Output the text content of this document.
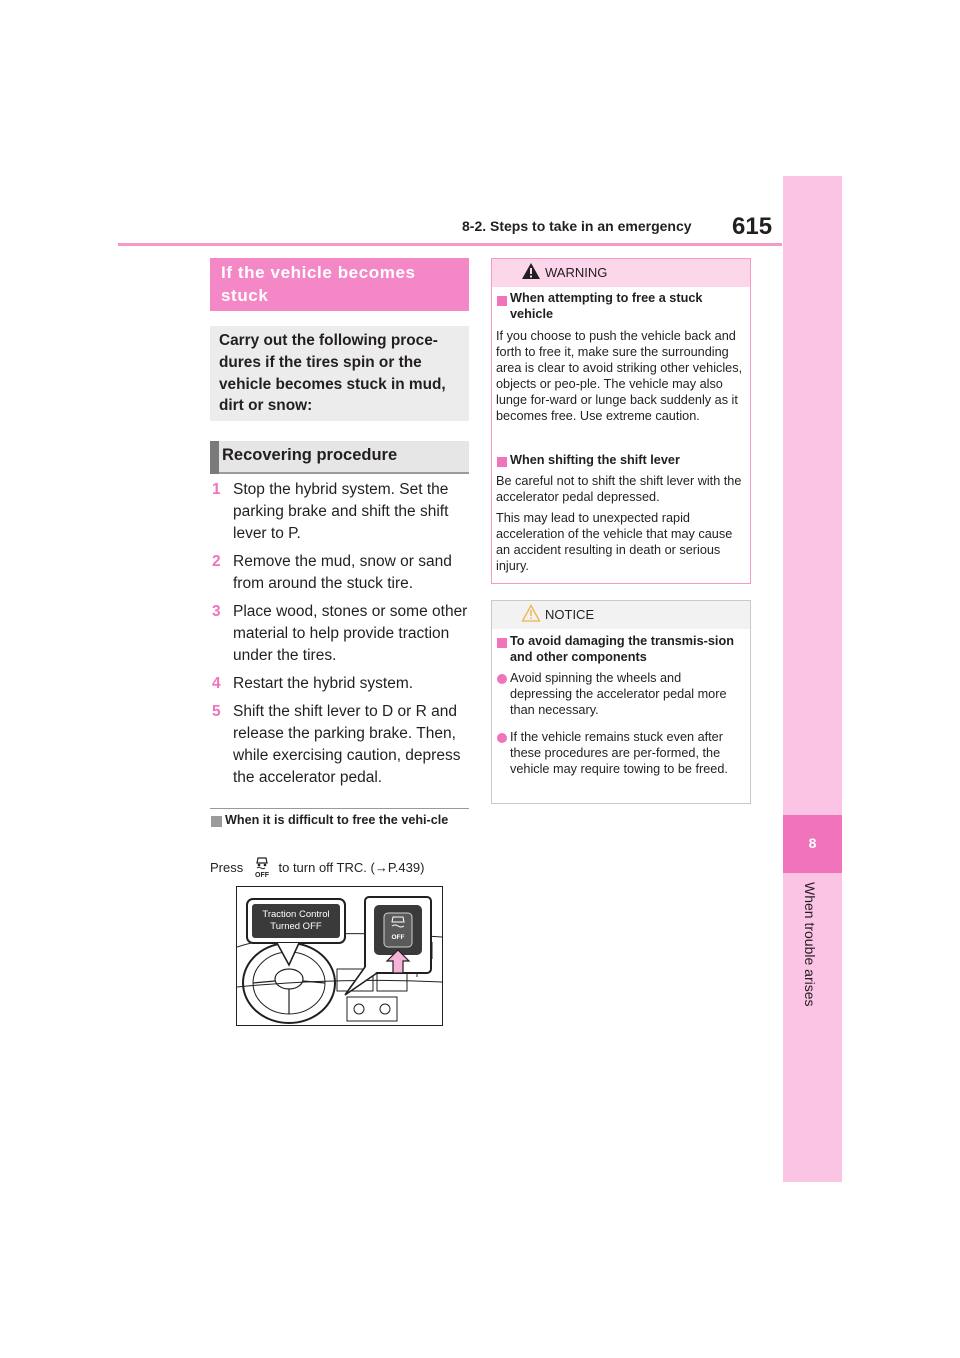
8-2. Steps to take in an emergency 615
8
When trouble arises
If the vehicle becomes stuck
Carry out the following proce-dures if the tires spin or the vehicle becomes stuck in mud, dirt or snow:
Recovering procedure
1 Stop the hybrid system. Set the parking brake and shift the shift lever to P.
2 Remove the mud, snow or sand from around the stuck tire.
3 Place wood, stones or some other material to help provide traction under the tires.
4 Restart the hybrid system.
5 Shift the shift lever to D or R and release the parking brake. Then, while exercising caution, depress the accelerator pedal.
When it is difficult to free the vehi-cle
Press
OFF
to turn off TRC. (→P.439)
Traction Control
Turned OFF
OFF
WARNING
When attempting to free a stuck vehicle
If you choose to push the vehicle back and forth to free it, make sure the surrounding area is clear to avoid striking other vehicles, objects or peo-ple. The vehicle may also lunge for-ward or lunge back suddenly as it becomes free. Use extreme caution.
When shifting the shift lever
Be careful not to shift the shift lever with the accelerator pedal depressed.
This may lead to unexpected rapid acceleration of the vehicle that may cause an accident resulting in death or serious injury.
NOTICE
To avoid damaging the transmis-sion and other components
Avoid spinning the wheels and depressing the accelerator pedal more than necessary.
If the vehicle remains stuck even after these procedures are per-formed, the vehicle may require towing to be freed.
